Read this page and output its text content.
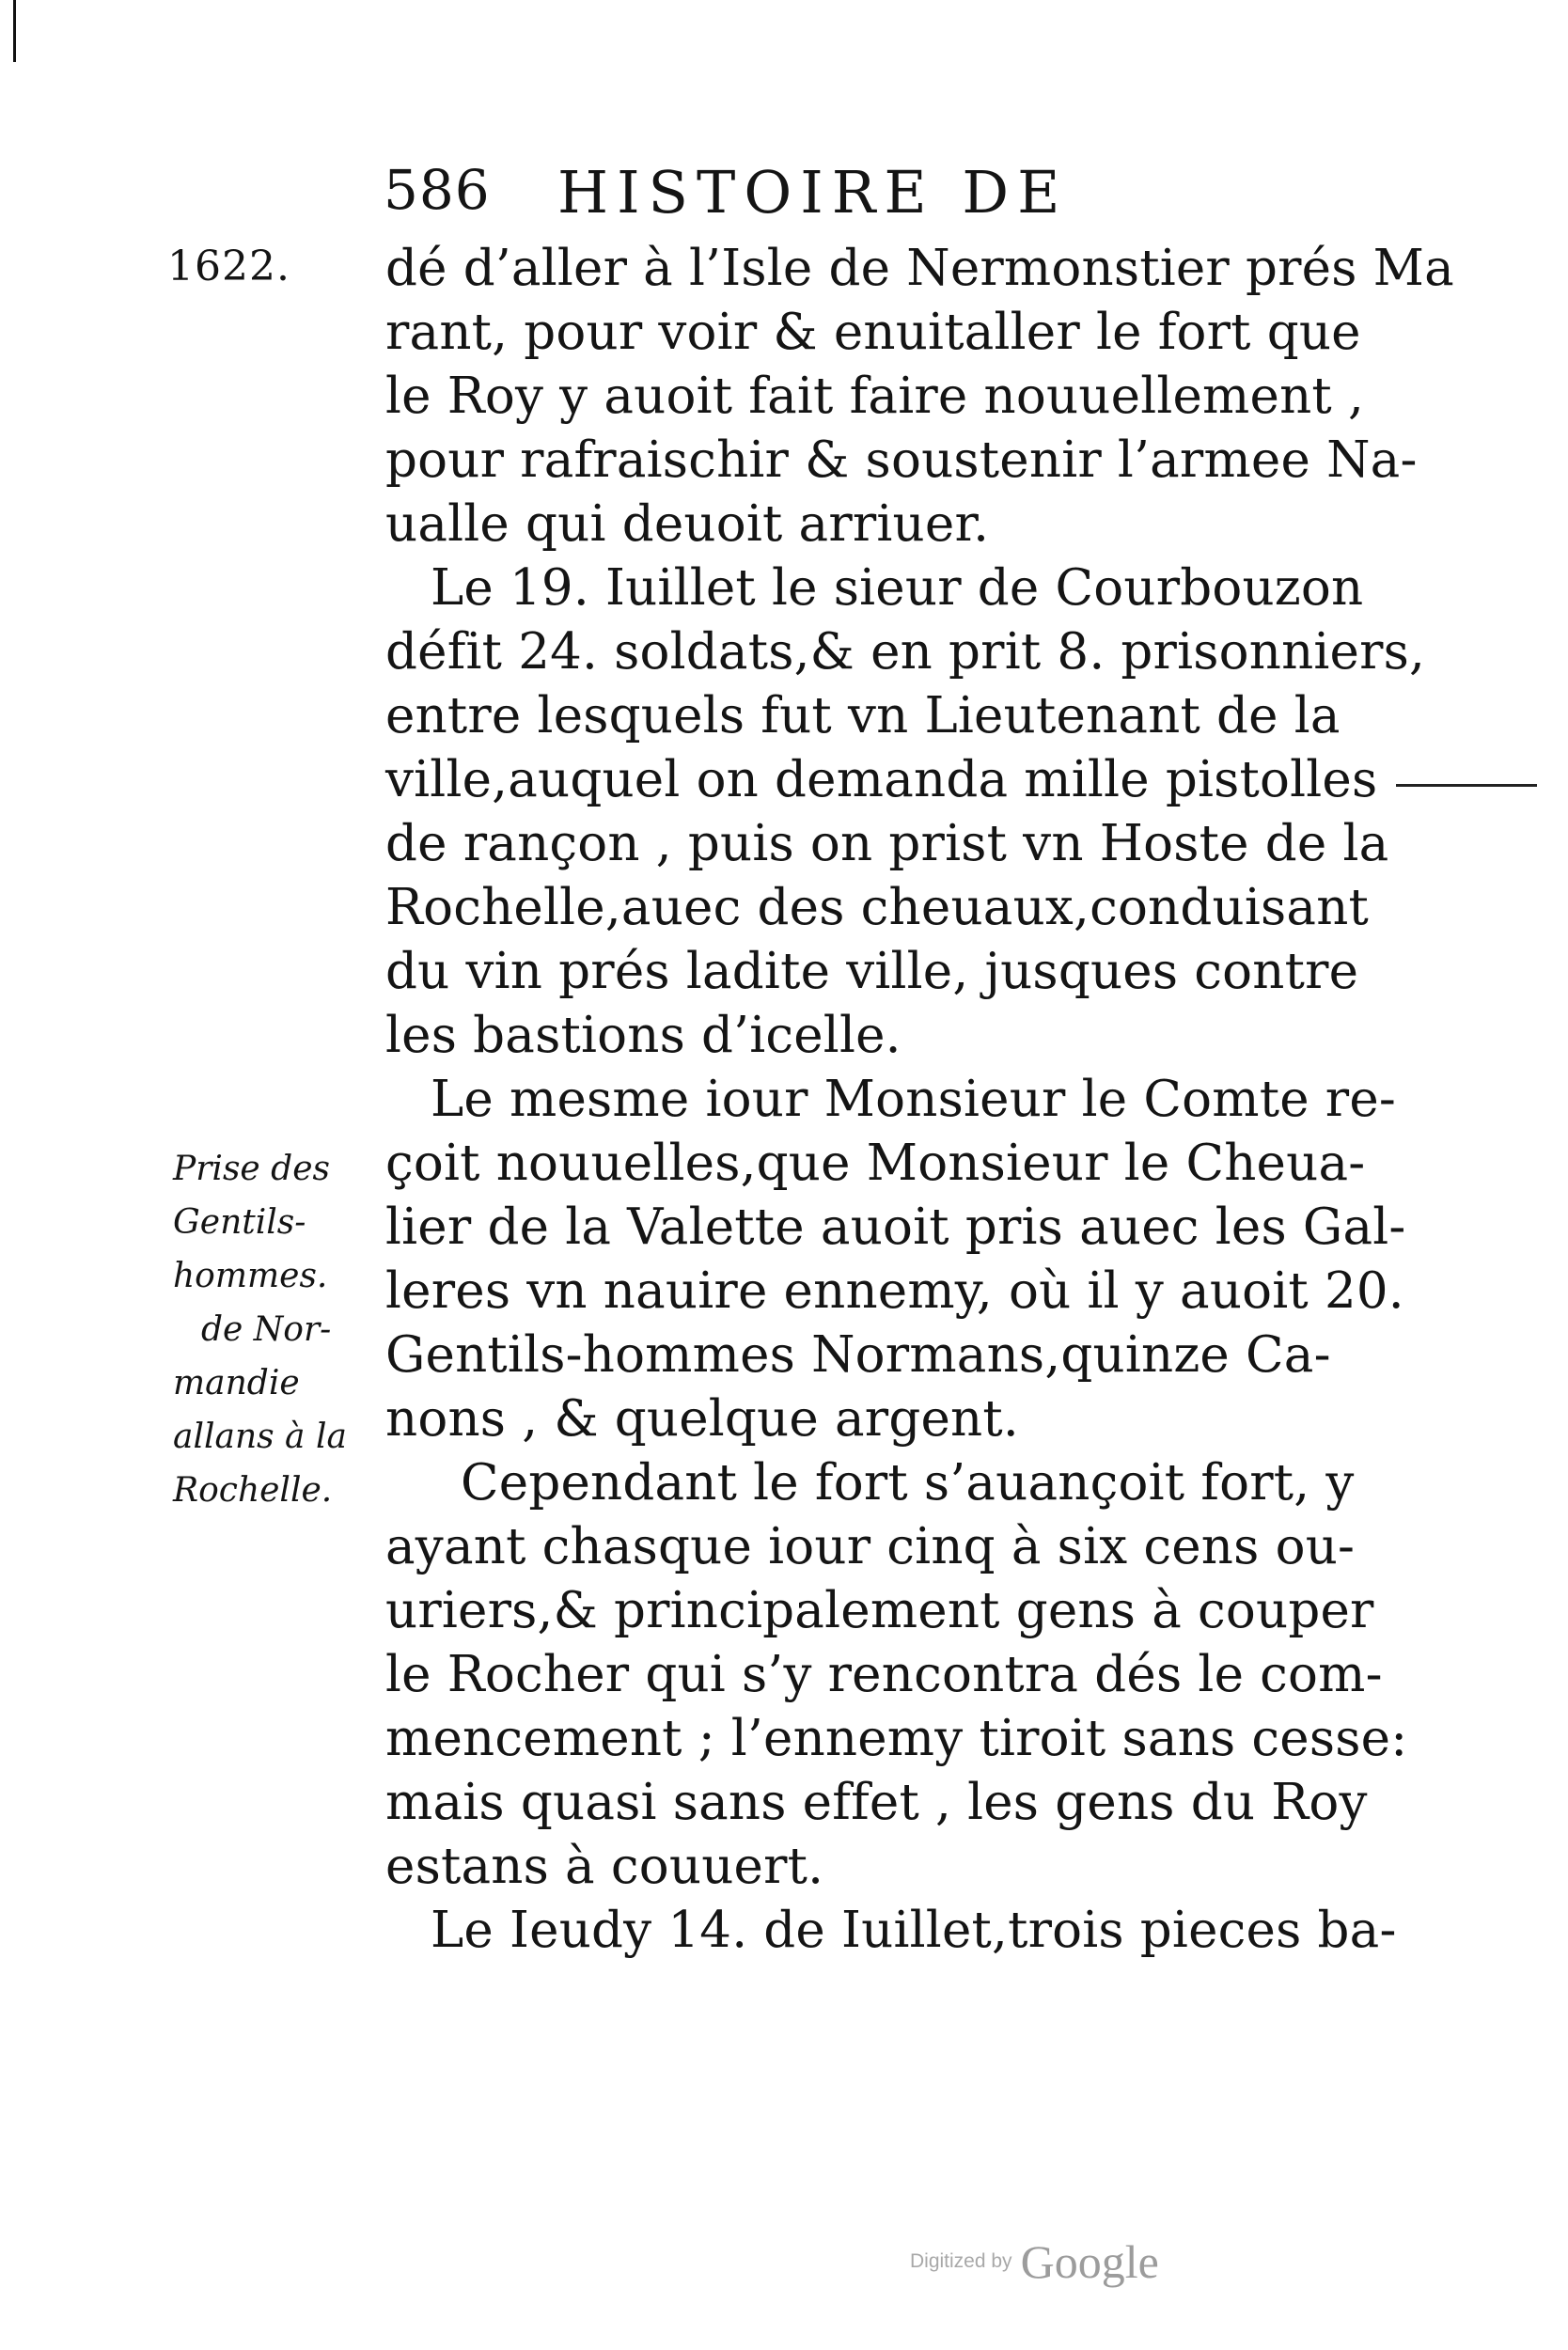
586 HISTOIRE DE
1622. dé d’aller à l’Isle de Nermonstier prés Ma
rant, pour voir & enuitaller le fort que
le Roy y auoit fait faire nouuellement ,
pour rafraischir & soustenir l’armee Na-
ualle qui deuoit arriuer.
Le 19. Iuillet le sieur de Courbouzon
défit 24. soldats,& en prit 8. prisonniers,
entre lesquels fut vn Lieutenant de la
ville,auquel on demanda mille pistolles
de rançon , puis on prist vn Hoste de la
Rochelle,auec des cheuaux,conduisant
du vin prés ladite ville, jusques contre
les bastions d’icelle.
Le mesme iour Monsieur le Comte re-
çoit nouuelles,que Monsieur le Cheua-
lier de la Valette auoit pris auec les Gal-
leres vn nauire ennemy, où il y auoit 20.
Gentils-hommes Normans,quinze Ca-
nons , & quelque argent.
Cependant le fort s’auançoit fort, y
ayant chasque iour cinq à six cens ou-
uriers,& principalement gens à couper
le Rocher qui s’y rencontra dés le com-
mencement ; l’ennemy tiroit sans cesse:
mais quasi sans effet , les gens du Roy
estans à couuert.
Le Ieudy 14. de Iuillet,trois pieces ba-
Prise des
Gentils-
hommes.
de Nor-
mandie
allans à la
Rochelle.
Digitized by Google
